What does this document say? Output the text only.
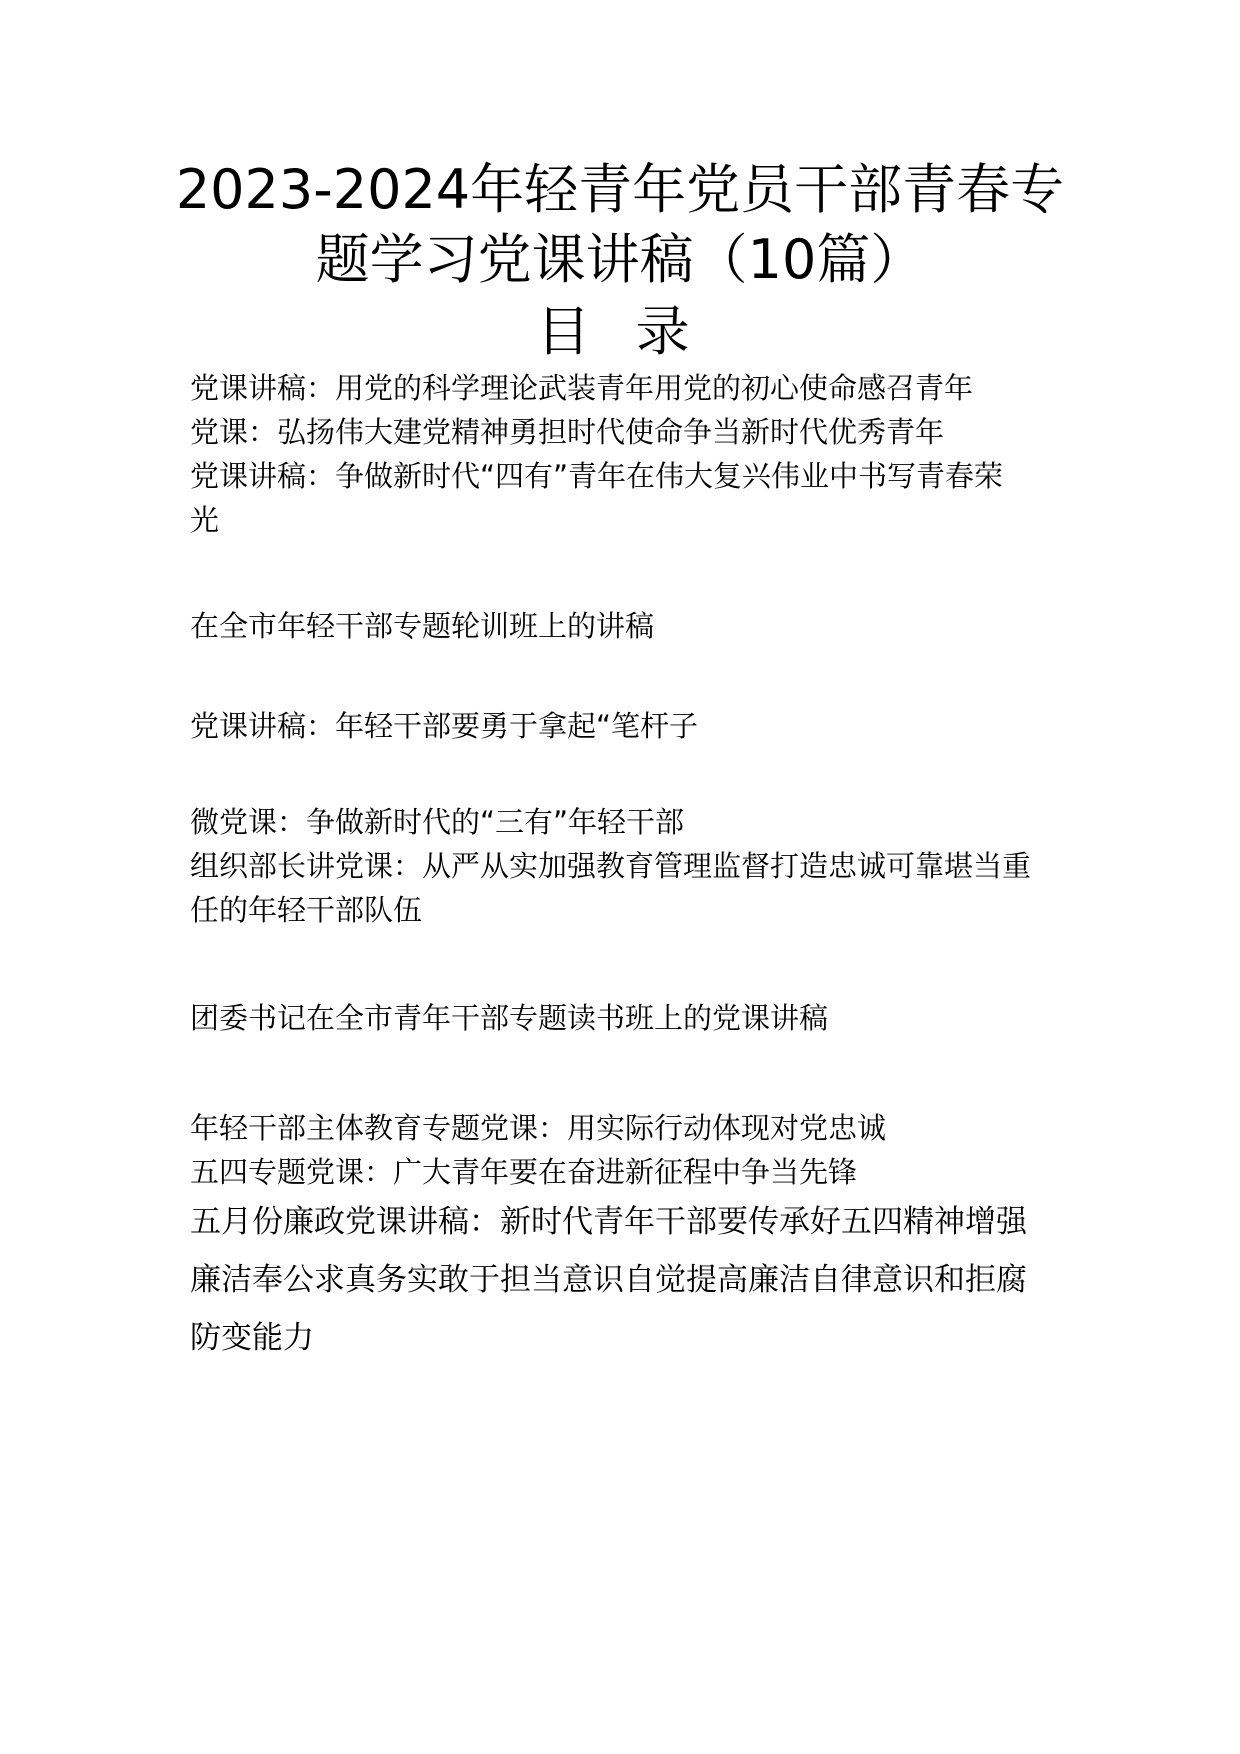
2023-2024年轻青年党员干部青春专
题学习党课讲稿（10篇）
目 录

党课讲稿：用党的科学理论武装青年用党的初心使命感召青年

党课：弘扬伟大建党精神勇担时代使命争当新时代优秀青年

党课讲稿：争做新时代“四有”青年在伟大复兴伟业中书写青春荣

光

在全市年轻干部专题轮训班上的讲稿

党课讲稿：年轻干部要勇于拿起“笔杆子

微党课：争做新时代的“三有”年轻干部

组织部长讲党课：从严从实加强教育管理监督打造忠诚可靠堪当重

任的年轻干部队伍

团委书记在全市青年干部专题读书班上的党课讲稿

年轻干部主体教育专题党课：用实际行动体现对党忠诚

五四专题党课：广大青年要在奋进新征程中争当先锋

五月份廉政党课讲稿：新时代青年干部要传承好五四精神增强

廉洁奉公求真务实敢于担当意识自觉提高廉洁自律意识和拒腐

防变能力
